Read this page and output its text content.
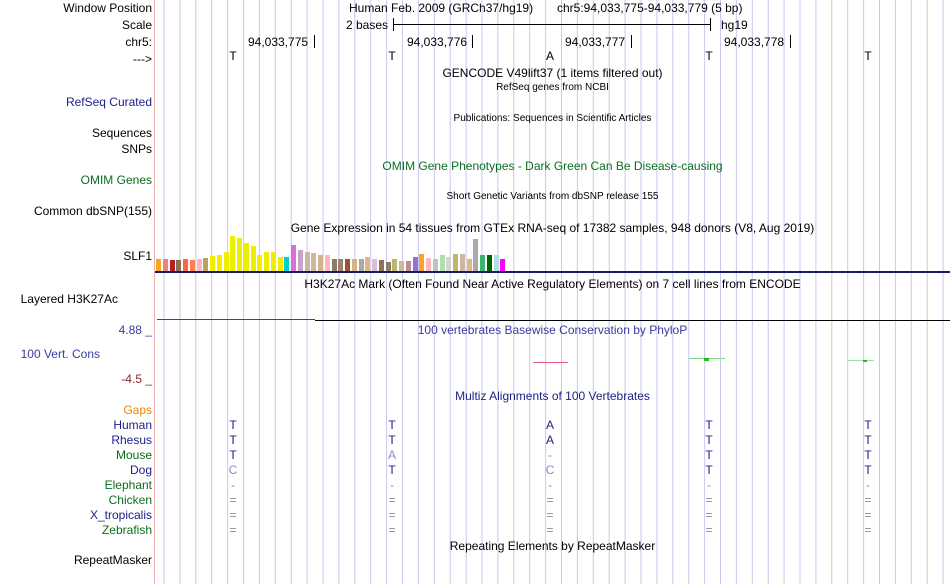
Window Position
Scale
chr5:
--->
Human Feb. 2009 (GRCh37/hg19) chr5:94,033,775-94,033,779 (5 bp)
2 bases	hg19
94,033,775	94,033,776	94,033,777	94,033,778
T	T	A	T	T
GENCODE V49lift37 (1 items filtered out)
RefSeq genes from NCBI
RefSeq Curated
Sequences
Publications: Sequences in Scientific Articles
SNPs
OMIM Gene Phenotypes - Dark Green Can Be Disease-causing
OMIM Genes
Short Genetic Variants from dbSNP release 155
Common dbSNP(155)
Gene Expression in 54 tissues from GTEx RNA-seq of 17382 samples, 948 donors (V8, Aug 2019)
SLF1
H3K27Ac Mark (Often Found Near Active Regulatory Elements) on 7 cell lines from ENCODE
Layered H3K27Ac
4.88 _	100 vertebrates Basewise Conservation by PhyloP
100 Vert. Cons
-4.5 _
Multiz Alignments of 100 Vertebrates
Gaps
Repeating Elements by RepeatMasker
RepeatMasker
Human	T	T	A	T	T
Rhesus	T	T	A	T	T
Mouse	T	A	-	T	T
Dog	C	T	C	T	T
Elephant	-	-	-	-	-
Chicken	=	=	=	=	=
X_tropicalis	=	=	=	=	=
Zebrafish	=	=	=	=	=
